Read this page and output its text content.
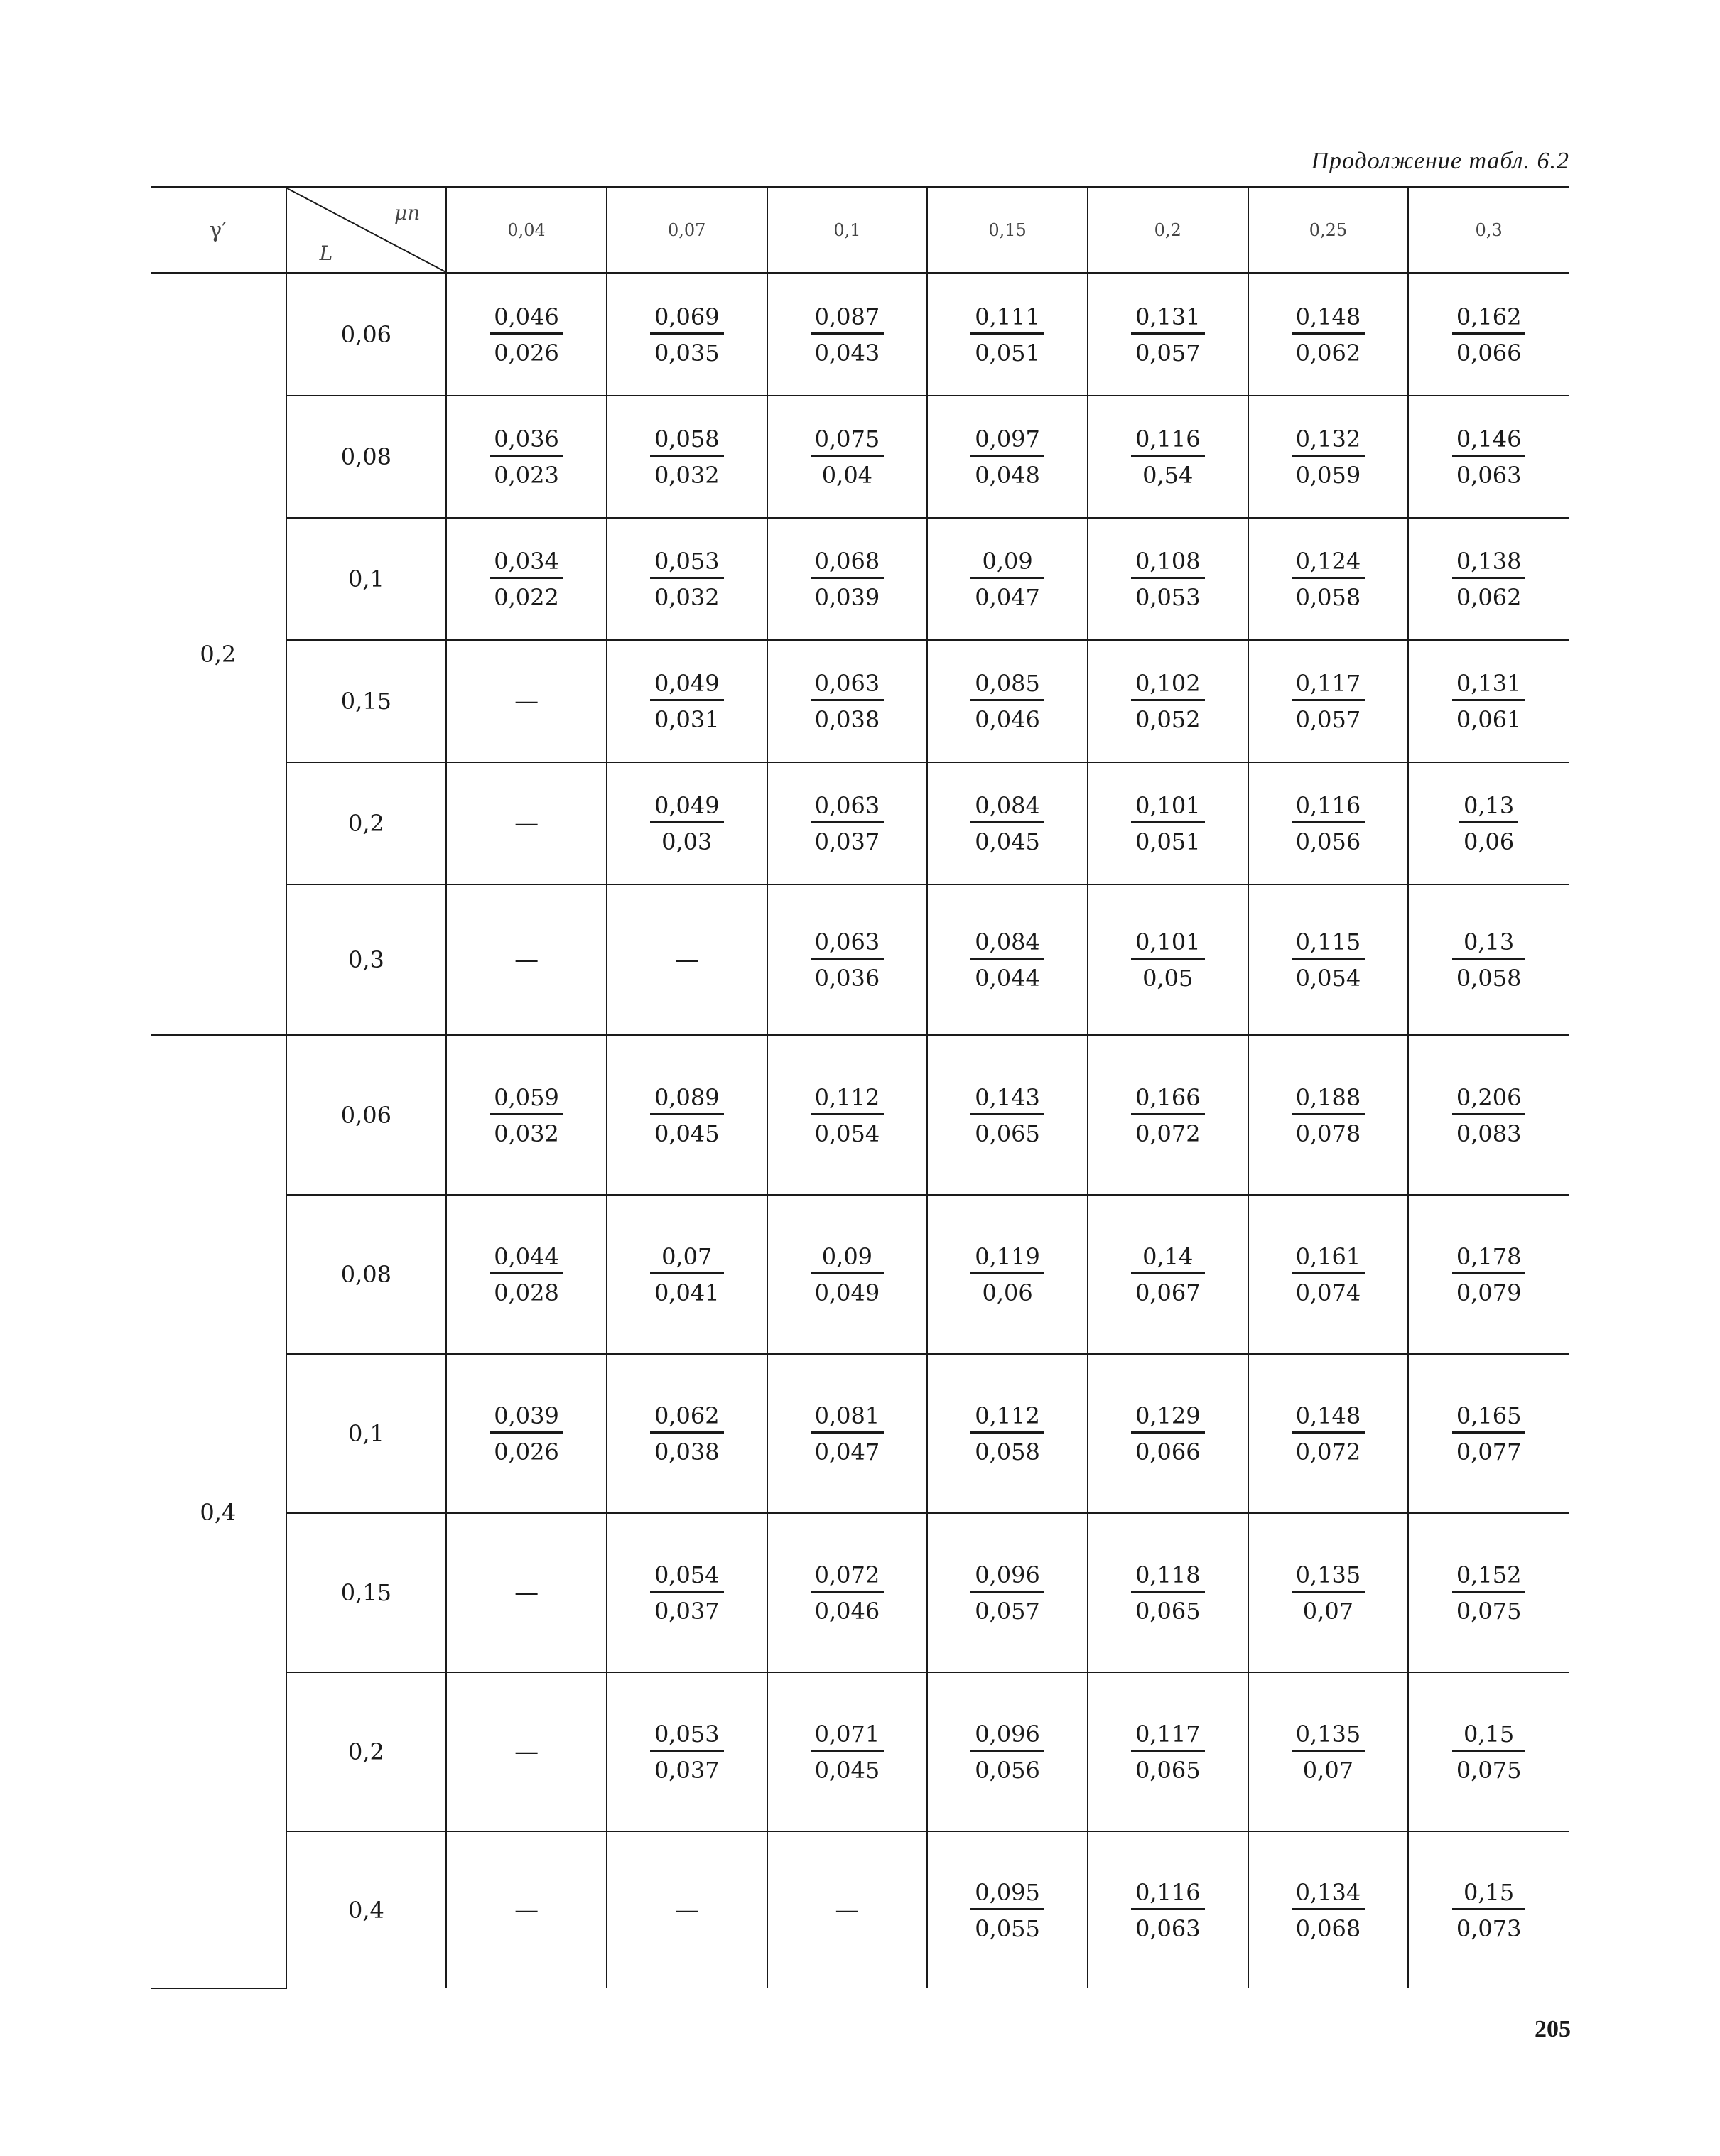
Продолжение табл. 6.2
γ′	μn
L	0,04	0,07	0,1	0,15	0,2	0,25	0,3
0,2	0,06	$\frac{0,046}{0,026}$	$\frac{0,069}{0,035}$	$\frac{0,087}{0,043}$	$\frac{0,111}{0,051}$	$\frac{0,131}{0,057}$	$\frac{0,148}{0,062}$	$\frac{0,162}{0,066}$

	0,08	$\frac{0,036}{0,023}$	$\frac{0,058}{0,032}$	$\frac{0,075}{0,04}$	$\frac{0,097}{0,048}$	$\frac{0,116}{0,54}$	$\frac{0,132}{0,059}$	$\frac{0,146}{0,063}$

	0,1	$\frac{0,034}{0,022}$	$\frac{0,053}{0,032}$	$\frac{0,068}{0,039}$	$\frac{0,09}{0,047}$	$\frac{0,108}{0,053}$	$\frac{0,124}{0,058}$	$\frac{0,138}{0,062}$

	0,15	—	$\frac{0,049}{0,031}$	$\frac{0,063}{0,038}$	$\frac{0,085}{0,046}$	$\frac{0,102}{0,052}$	$\frac{0,117}{0,057}$	$\frac{0,131}{0,061}$

	0,2	—	$\frac{0,049}{0,03}$	$\frac{0,063}{0,037}$	$\frac{0,084}{0,045}$	$\frac{0,101}{0,051}$	$\frac{0,116}{0,056}$	$\frac{0,13}{0,06}$

	0,3	—	—	$\frac{0,063}{0,036}$	$\frac{0,084}{0,044}$	$\frac{0,101}{0,05}$	$\frac{0,115}{0,054}$	$\frac{0,13}{0,058}$

0,4	0,06	$\frac{0,059}{0,032}$	$\frac{0,089}{0,045}$	$\frac{0,112}{0,054}$	$\frac{0,143}{0,065}$	$\frac{0,166}{0,072}$	$\frac{0,188}{0,078}$	$\frac{0,206}{0,083}$

	0,08	$\frac{0,044}{0,028}$	$\frac{0,07}{0,041}$	$\frac{0,09}{0,049}$	$\frac{0,119}{0,06}$	$\frac{0,14}{0,067}$	$\frac{0,161}{0,074}$	$\frac{0,178}{0,079}$

	0,1	$\frac{0,039}{0,026}$	$\frac{0,062}{0,038}$	$\frac{0,081}{0,047}$	$\frac{0,112}{0,058}$	$\frac{0,129}{0,066}$	$\frac{0,148}{0,072}$	$\frac{0,165}{0,077}$

	0,15	—	$\frac{0,054}{0,037}$	$\frac{0,072}{0,046}$	$\frac{0,096}{0,057}$	$\frac{0,118}{0,065}$	$\frac{0,135}{0,07}$	$\frac{0,152}{0,075}$

	0,2	—	$\frac{0,053}{0,037}$	$\frac{0,071}{0,045}$	$\frac{0,096}{0,056}$	$\frac{0,117}{0,065}$	$\frac{0,135}{0,07}$	$\frac{0,15}{0,075}$

	0,4	—	—	—	$\frac{0,095}{0,055}$	$\frac{0,116}{0,063}$	$\frac{0,134}{0,068}$	$\frac{0,15}{0,073}$
205
